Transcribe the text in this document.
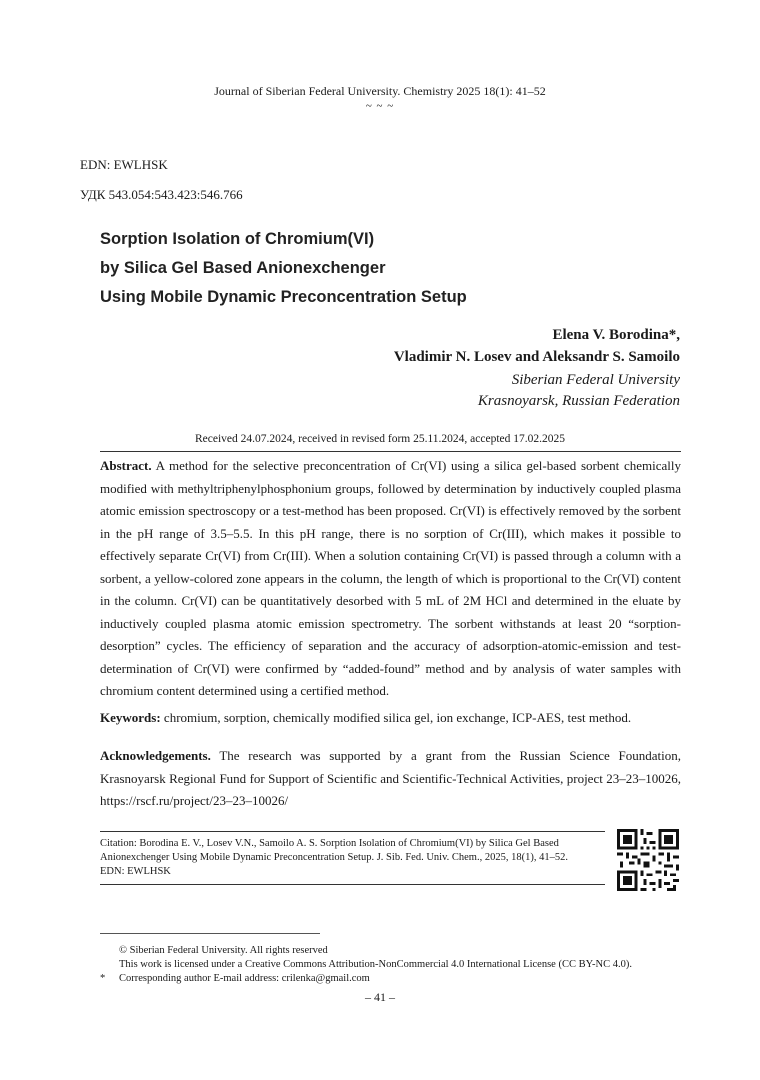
Journal of Siberian Federal University. Chemistry 2025 18(1): 41–52
~ ~ ~
EDN: EWLHSK
УДК 543.054:543.423:546.766
Sorption Isolation of Chromium(VI)
by Silica Gel Based Anionexchenger
Using Mobile Dynamic Preconcentration Setup
Elena V. Borodina*,
Vladimir N. Losev and Aleksandr S. Samoilo
Siberian Federal University
Krasnoyarsk, Russian Federation
Received 24.07.2024, received in revised form 25.11.2024, accepted 17.02.2025
Abstract. A method for the selective preconcentration of Cr(VI) using a silica gel-based sorbent chemically modified with methyltriphenylphosphonium groups, followed by determination by inductively coupled plasma atomic emission spectroscopy or a test-method has been proposed. Cr(VI) is effectively removed by the sorbent in the pH range of 3.5–5.5. In this pH range, there is no sorption of Cr(III), which makes it possible to effectively separate Cr(VI) from Cr(III). When a solution containing Cr(VI) is passed through a column with a sorbent, a yellow-colored zone appears in the column, the length of which is proportional to the Cr(VI) content in the column. Cr(VI) can be quantitatively desorbed with 5 mL of 2M HCl and determined in the eluate by inductively coupled plasma atomic emission spectrometry. The sorbent withstands at least 20 “sorption-desorption” cycles. The efficiency of separation and the accuracy of adsorption-atomic-emission and test-determination of Cr(VI) were confirmed by “added-found” method and by analysis of water samples with chromium content determined using a certified method.
Keywords: chromium, sorption, chemically modified silica gel, ion exchange, ICP-AES, test method.
Acknowledgements. The research was supported by a grant from the Russian Science Foundation, Krasnoyarsk Regional Fund for Support of Scientific and Scientific-Technical Activities, project 23–23–10026, https://rscf.ru/project/23–23–10026/
Citation: Borodina E. V., Losev V.N., Samoilo A. S. Sorption Isolation of Chromium(VI) by Silica Gel Based
Anionexchenger Using Mobile Dynamic Preconcentration Setup. J. Sib. Fed. Univ. Chem., 2025, 18(1), 41–52.
EDN: EWLHSK
© Siberian Federal University. All rights reserved
This work is licensed under a Creative Commons Attribution-NonCommercial 4.0 International License (CC BY-NC 4.0).
* Corresponding author E-mail address: crilenka@gmail.com
– 41 –
